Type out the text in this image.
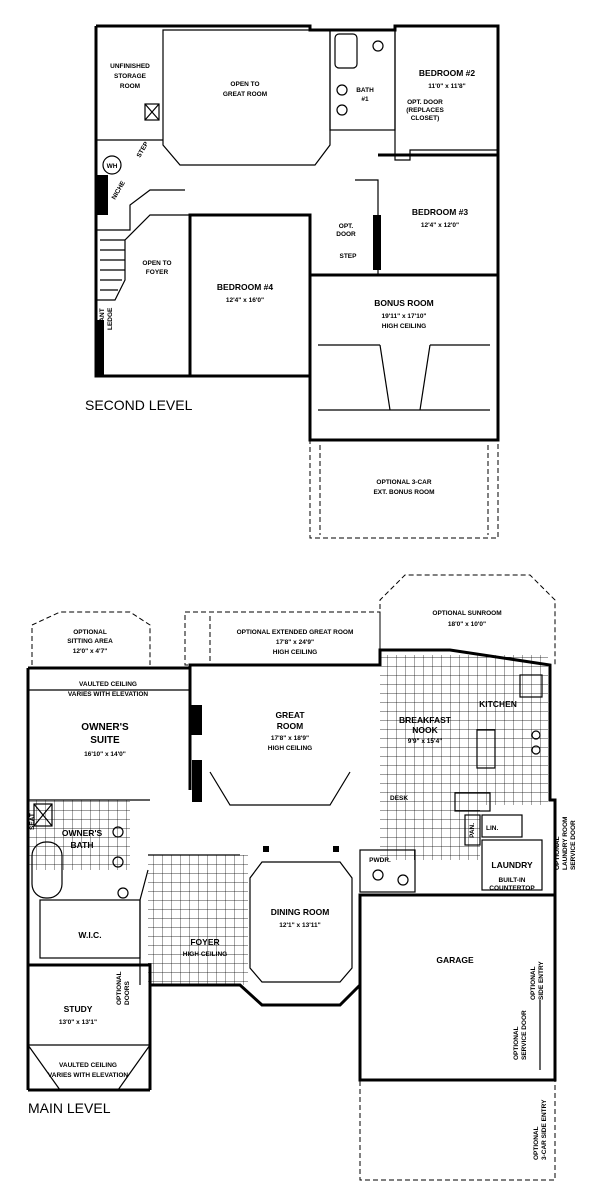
UNFINISHED
STORAGE
ROOM	OPEN TO
GREAT ROOM
BATH
#1
BEDROOM #2
11'0" x 11'8"
OPT. DOOR
(REPLACES
CLOSET)
WH
STEP
NICHE
BEDROOM #3
12'4" x 12'0"
OPT.
DOOR
STEP
OPEN TO
FOYER
PLANT LEDGE
BEDROOM #4
12'4" x 16'0"	BONUS ROOM
19'11" x 17'10"
HIGH CEILING
OPTIONAL 3-CAR
EXT. BONUS ROOM
SECOND LEVEL
OPTIONAL
SITTING AREA
12'0" x 4'7"
OPTIONAL EXTENDED GREAT ROOM
17'8" x 24'9"
HIGH CEILING
OPTIONAL SUNROOM
18'0" x 10'0"
VAULTED CEILING
VARIES WITH ELEVATION
OWNER'S
SUITE
16'10" x 14'0"
GREAT
ROOM
17'8" x 18'9"
HIGH CEILING
BREAKFAST
NOOK
9'9" x 15'4"
KITCHEN
DESK
SEAT
OWNER'S
BATH
PAN. LIN.
LAUNDRY
BUILT-IN
COUNTERTOP
OPTIONAL LAUNDRY ROOM SERVICE DOOR
PWDR.
W.I.C.
FOYER
HIGH CEILING
DINING ROOM
12'1" x 13'11"
GARAGE
OPTIONAL SIDE ENTRY
OPTIONAL DOORS
STUDY
13'0" x 13'1"
OPTIONAL SERVICE DOOR
VAULTED CEILING
VARIES WITH ELEVATION
OPTIONAL 3-CAR SIDE ENTRY
MAIN LEVEL
